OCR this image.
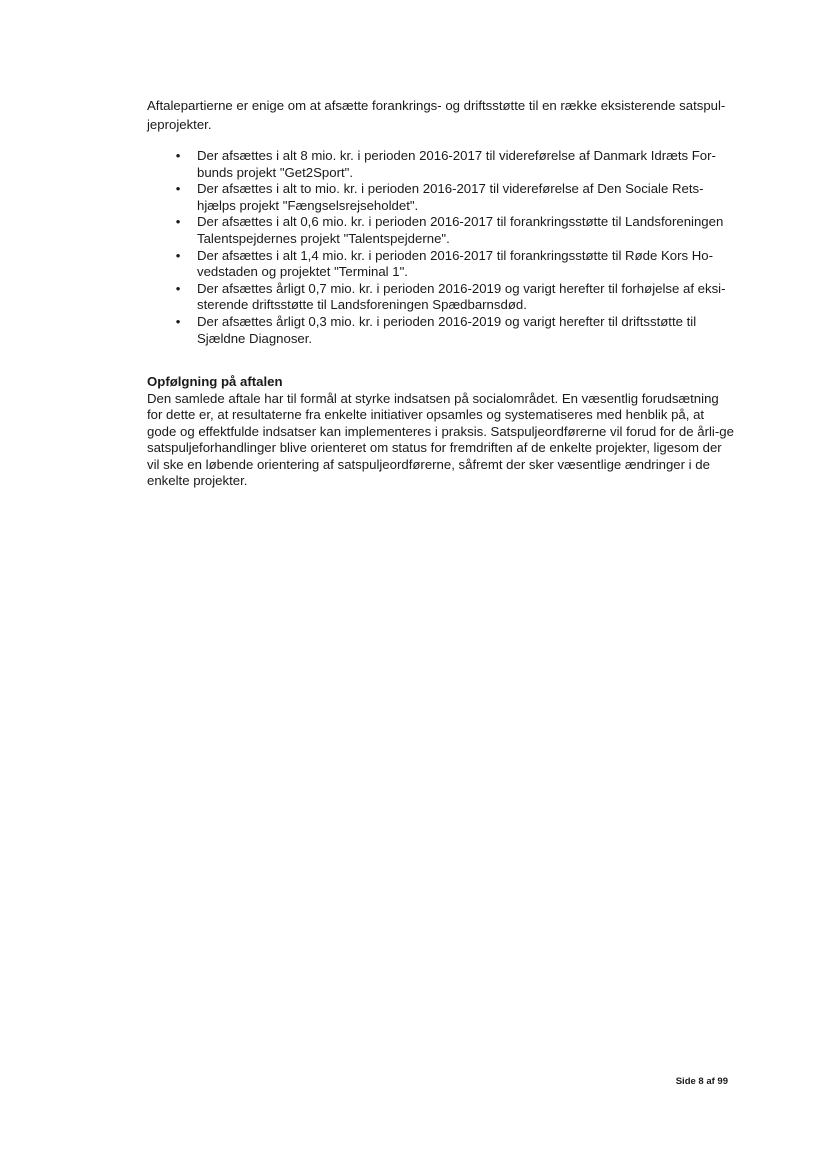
Aftalepartierne er enige om at afsætte forankrings- og driftsstøtte til en række eksisterende satspul-jeprojekter.

• Der afsættes i alt 8 mio. kr. i perioden 2016-2017 til videreførelse af Danmark Idræts For-bunds projekt "Get2Sport".
• Der afsættes i alt to mio. kr. i perioden 2016-2017 til videreførelse af Den Sociale Rets-hjælps projekt "Fængselsrejseholdet".
• Der afsættes i alt 0,6 mio. kr. i perioden 2016-2017 til forankringsstøtte til Landsforeningen Talentspejdernes projekt "Talentspejderne".
• Der afsættes i alt 1,4 mio. kr. i perioden 2016-2017 til forankringsstøtte til Røde Kors Ho-vedstaden og projektet "Terminal 1".
• Der afsættes årligt 0,7 mio. kr. i perioden 2016-2019 og varigt herefter til forhøjelse af eksi-sterende driftsstøtte til Landsforeningen Spædbarnsdød.
• Der afsættes årligt 0,3 mio. kr. i perioden 2016-2019 og varigt herefter til driftsstøtte til Sjældne Diagnoser.
Opfølgning på aftalen

Den samlede aftale har til formål at styrke indsatsen på socialområdet. En væsentlig forudsætning for dette er, at resultaterne fra enkelte initiativer opsamles og systematiseres med henblik på, at gode og effektfulde indsatser kan implementeres i praksis. Satspuljeordførerne vil forud for de årli-ge satspuljeforhandlinger blive orienteret om status for fremdriften af de enkelte projekter, ligesom der vil ske en løbende orientering af satspuljeordførerne, såfremt der sker væsentlige ændringer i de enkelte projekter.

Side 8 af 99
